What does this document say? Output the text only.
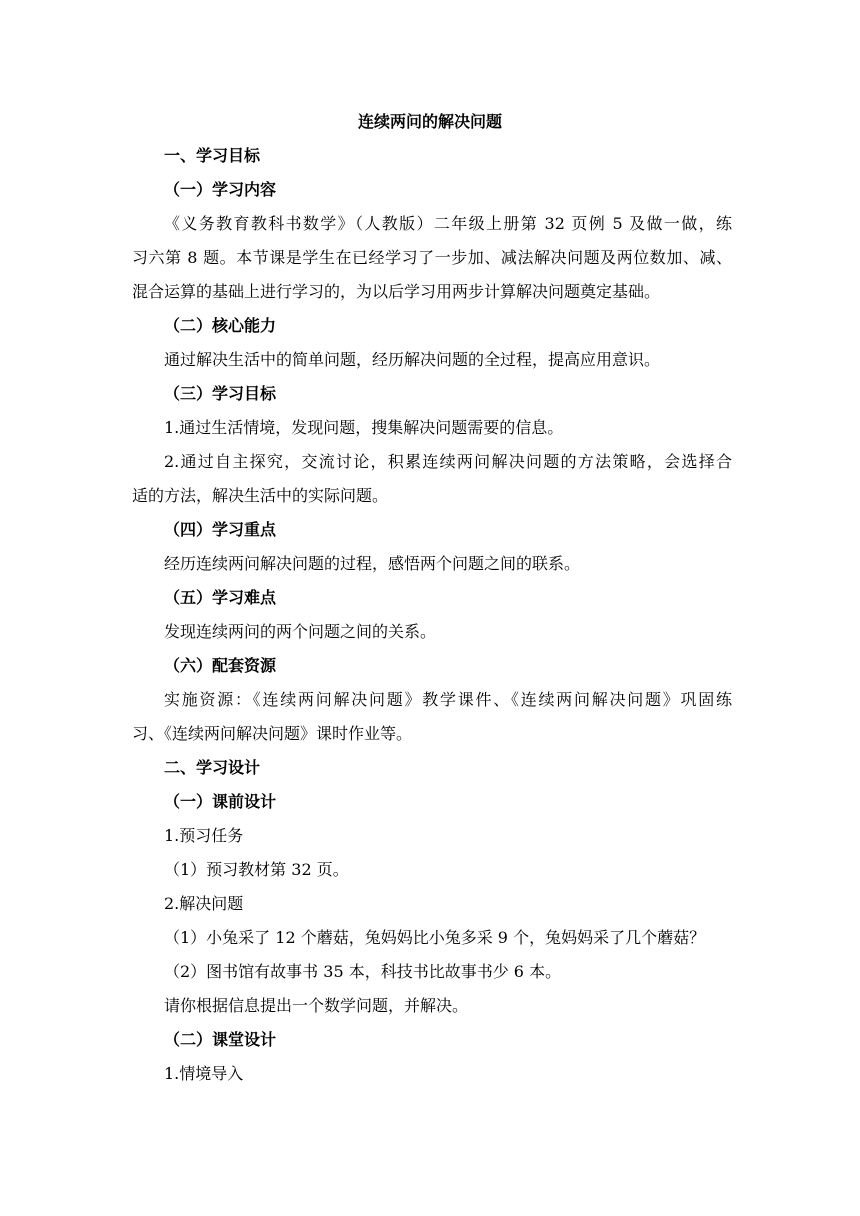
连续两问的解决问题
一、学习目标
（一）学习内容
《义务教育教科书数学》（人教版）二年级上册第 32 页例 5 及做一做，练
习六第 8 题。本节课是学生在已经学习了一步加、减法解决问题及两位数加、减、
混合运算的基础上进行学习的，为以后学习用两步计算解决问题奠定基础。
（二）核心能力
通过解决生活中的简单问题，经历解决问题的全过程，提高应用意识。
（三）学习目标
1.通过生活情境，发现问题，搜集解决问题需要的信息。
2.通过自主探究，交流讨论，积累连续两问解决问题的方法策略，会选择合
适的方法，解决生活中的实际问题。
（四）学习重点
经历连续两问解决问题的过程，感悟两个问题之间的联系。
（五）学习难点
发现连续两问的两个问题之间的关系。
（六）配套资源
实施资源：《连续两问解决问题》教学课件、《连续两问解决问题》巩固练
习、《连续两问解决问题》课时作业等。
二、学习设计
（一）课前设计
1.预习任务
（1）预习教材第 32 页。
2.解决问题
（1）小兔采了 12 个蘑菇，兔妈妈比小兔多采 9 个，兔妈妈采了几个蘑菇？
（2）图书馆有故事书 35 本，科技书比故事书少 6 本。
请你根据信息提出一个数学问题，并解决。
（二）课堂设计
1.情境导入
